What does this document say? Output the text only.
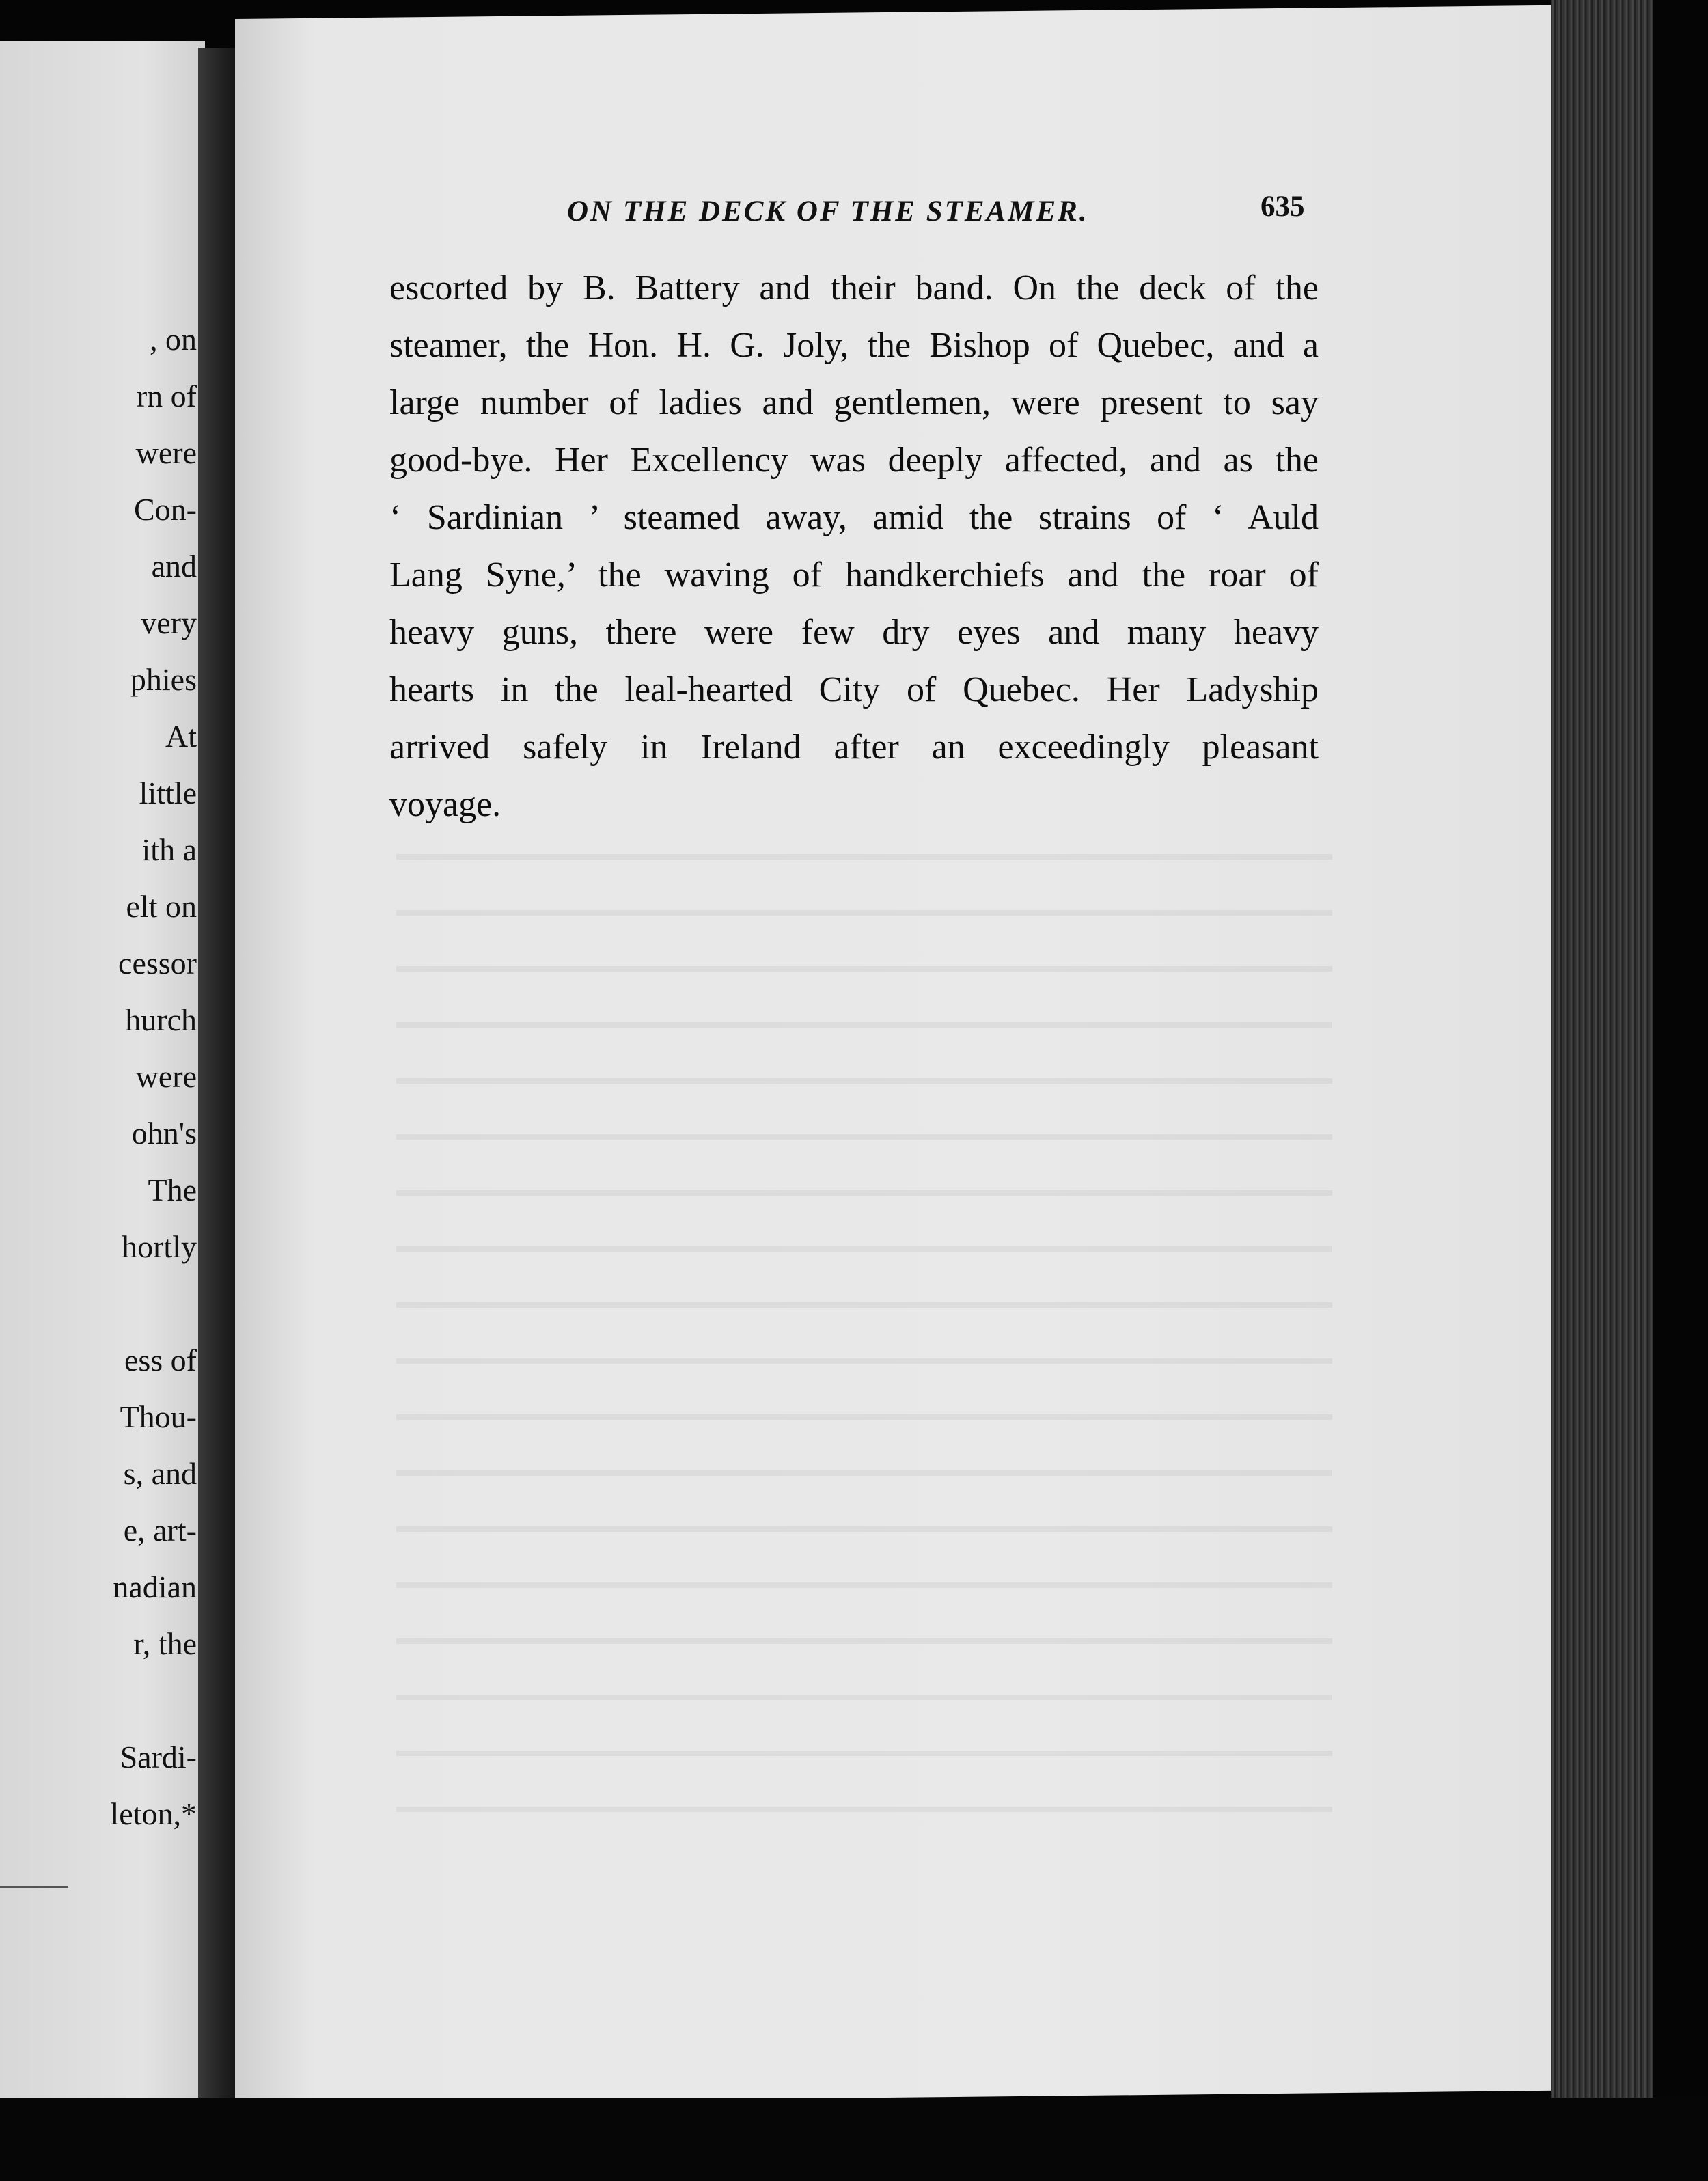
, on
rn of
were
Con-
and
very
phies
At
little
ith a
elt on
cessor
hurch
were
ohn's
The
hortly
ess of
Thou-
s, and
e, art-
nadian
r, the
Sardi-
leton,*
ON THE DECK OF THE STEAMER.	635
escorted by B. Battery and their band. On the deck of the
steamer, the Hon. H. G. Joly, the Bishop of Quebec, and a
large number of ladies and gentlemen, were present to say
good-bye. Her Excellency was deeply affected, and as the
‘ Sardinian ’ steamed away, amid the strains of ‘ Auld
Lang Syne,’ the waving of handkerchiefs and the roar of
heavy guns, there were few dry eyes and many heavy
hearts in the leal-hearted City of Quebec. Her Ladyship
arrived safely in Ireland after an exceedingly pleasant
voyage.
